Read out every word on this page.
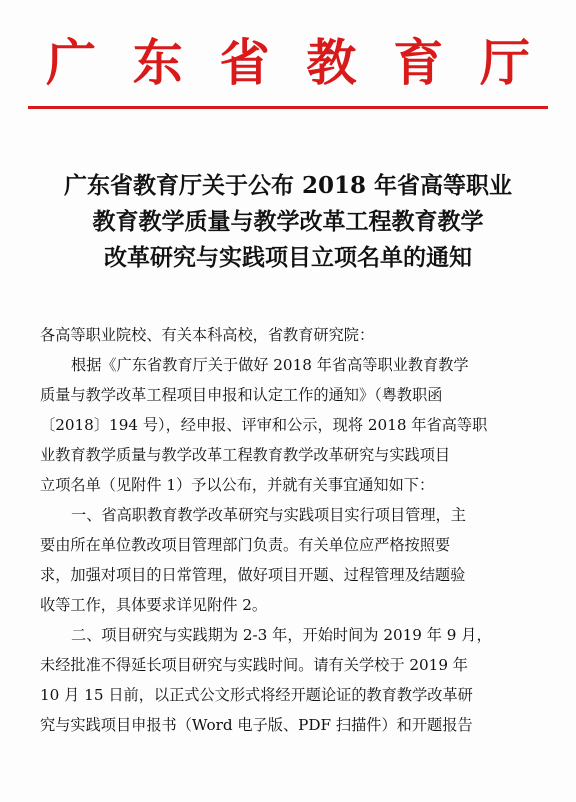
广 东 省 教 育 厅
广东省教育厅关于公布 2018 年省高等职业
教育教学质量与教学改革工程教育教学
改革研究与实践项目立项名单的通知
各高等职业院校、有关本科高校，省教育研究院：
根据《广东省教育厅关于做好 2018 年省高等职业教育教学
质量与教学改革工程项目申报和认定工作的通知》（粤教职函
〔2018〕194 号），经申报、评审和公示，现将 2018 年省高等职
业教育教学质量与教学改革工程教育教学改革研究与实践项目
立项名单（见附件 1）予以公布，并就有关事宜通知如下：
一、省高职教育教学改革研究与实践项目实行项目管理，主
要由所在单位教改项目管理部门负责。有关单位应严格按照要
求，加强对项目的日常管理，做好项目开题、过程管理及结题验
收等工作，具体要求详见附件 2。
二、项目研究与实践期为 2-3 年，开始时间为 2019 年 9 月，
未经批准不得延长项目研究与实践时间。请有关学校于 2019 年
10 月 15 日前，以正式公文形式将经开题论证的教育教学改革研
究与实践项目申报书（Word 电子版、PDF 扫描件）和开题报告
